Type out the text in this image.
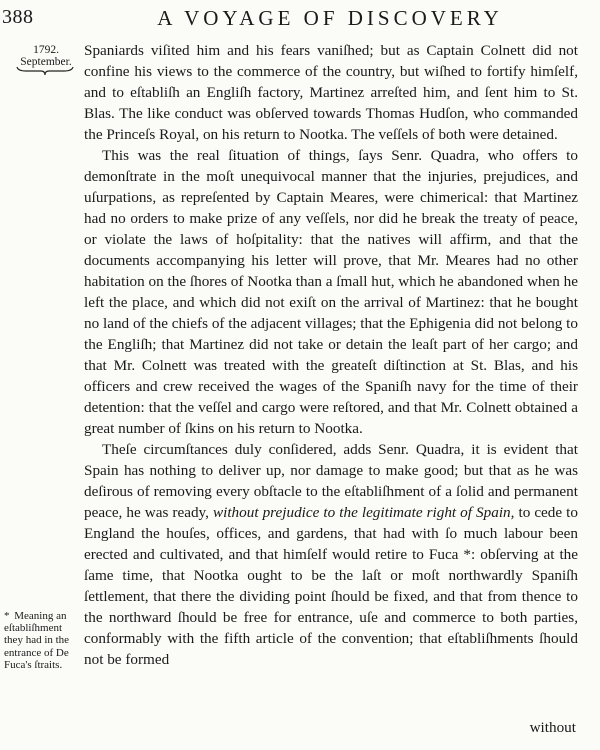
388	A VOYAGE OF DISCOVERY
1792.
September.

Spaniards viſited him and his fears vaniſhed; but as Captain Colnett did not confine his views to the commerce of the country, but wiſhed to fortify himſelf, and to eſtabliſh an Engliſh factory, Martinez arreſted him, and ſent him to St. Blas. The like conduct was obſerved towards Thomas Hudſon, who commanded the Princeſs Royal, on his return to Nootka. The veſſels of both were detained.

This was the real ſituation of things, ſays Senr. Quadra, who offers to demonſtrate in the moſt unequivocal manner that the injuries, prejudices, and uſurpations, as repreſented by Captain Meares, were chimerical: that Martinez had no orders to make prize of any veſſels, nor did he break the treaty of peace, or violate the laws of hoſpitality: that the natives will affirm, and that the documents accompanying his letter will prove, that Mr. Meares had no other habitation on the ſhores of Nootka than a ſmall hut, which he abandoned when he left the place, and which did not exiſt on the arrival of Martinez: that he bought no land of the chiefs of the adjacent villages; that the Ephigenia did not belong to the Engliſh; that Martinez did not take or detain the leaſt part of her cargo; and that Mr. Colnett was treated with the greateſt diſtinction at St. Blas, and his officers and crew received the wages of the Spaniſh navy for the time of their detention: that the veſſel and cargo were reſtored, and that Mr. Colnett obtained a great number of ſkins on his return to Nootka.

Theſe circumſtances duly conſidered, adds Senr. Quadra, it is evident that Spain has nothing to deliver up, nor damage to make good; but that as he was deſirous of removing every obſtacle to the eſtabliſhment of a ſolid and permanent peace, he was ready, without prejudice to the legitimate right of Spain, to cede to England the houſes, offices, and gardens, that had with ſo much labour been erected and cultivated, and that himſelf would retire to Fuca *: obſerving at the ſame time, that Nootka ought to be the laſt or moſt northwardly Spaniſh ſettlement, that there the dividing point ſhould be fixed, and that from thence to the northward ſhould be free for entrance, uſe and commerce to both parties, conformably with the fifth article of the convention; that eſtabliſhments ſhould not be formed

without
* Meaning an eſtabliſhment they had in the entrance of De Fuca's ſtraits.
